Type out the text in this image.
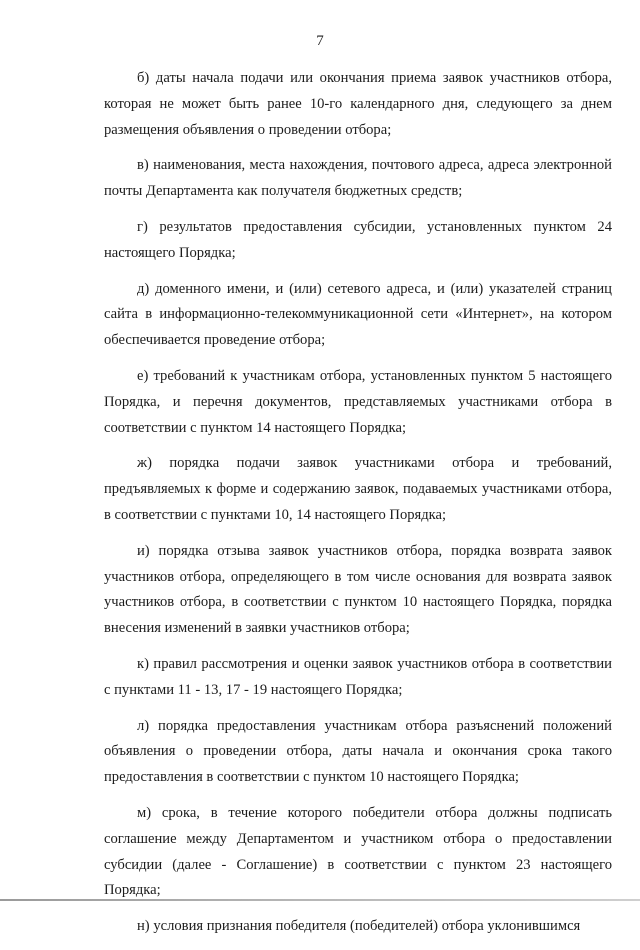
7

б) даты начала подачи или окончания приема заявок участников отбора, которая не может быть ранее 10-го календарного дня, следующего за днем размещения объявления о проведении отбора;

в) наименования, места нахождения, почтового адреса, адреса электронной почты Департамента как получателя бюджетных средств;

г) результатов предоставления субсидии, установленных пунктом 24 настоящего Порядка;

д) доменного имени, и (или) сетевого адреса, и (или) указателей страниц сайта в информационно-телекоммуникационной сети «Интернет», на котором обеспечивается проведение отбора;

е) требований к участникам отбора, установленных пунктом 5 настоящего Порядка, и перечня документов, представляемых участниками отбора в соответствии с пунктом 14 настоящего Порядка;

ж) порядка подачи заявок участниками отбора и требований, предъявляемых к форме и содержанию заявок, подаваемых участниками отбора, в соответствии с пунктами 10, 14 настоящего Порядка;

и) порядка отзыва заявок участников отбора, порядка возврата заявок участников отбора, определяющего в том числе основания для возврата заявок участников отбора, в соответствии с пунктом 10 настоящего Порядка, порядка внесения изменений в заявки участников отбора;

к) правил рассмотрения и оценки заявок участников отбора в соответствии с пунктами 11 - 13, 17 - 19 настоящего Порядка;

л) порядка предоставления участникам отбора разъяснений положений объявления о проведении отбора, даты начала и окончания срока такого предоставления в соответствии с пунктом 10 настоящего Порядка;

м) срока, в течение которого победители отбора должны подписать соглашение между Департаментом и участником отбора о предоставлении субсидии (далее - Соглашение) в соответствии с пунктом 23 настоящего Порядка;

н) условия признания победителя (победителей) отбора уклонившимся
